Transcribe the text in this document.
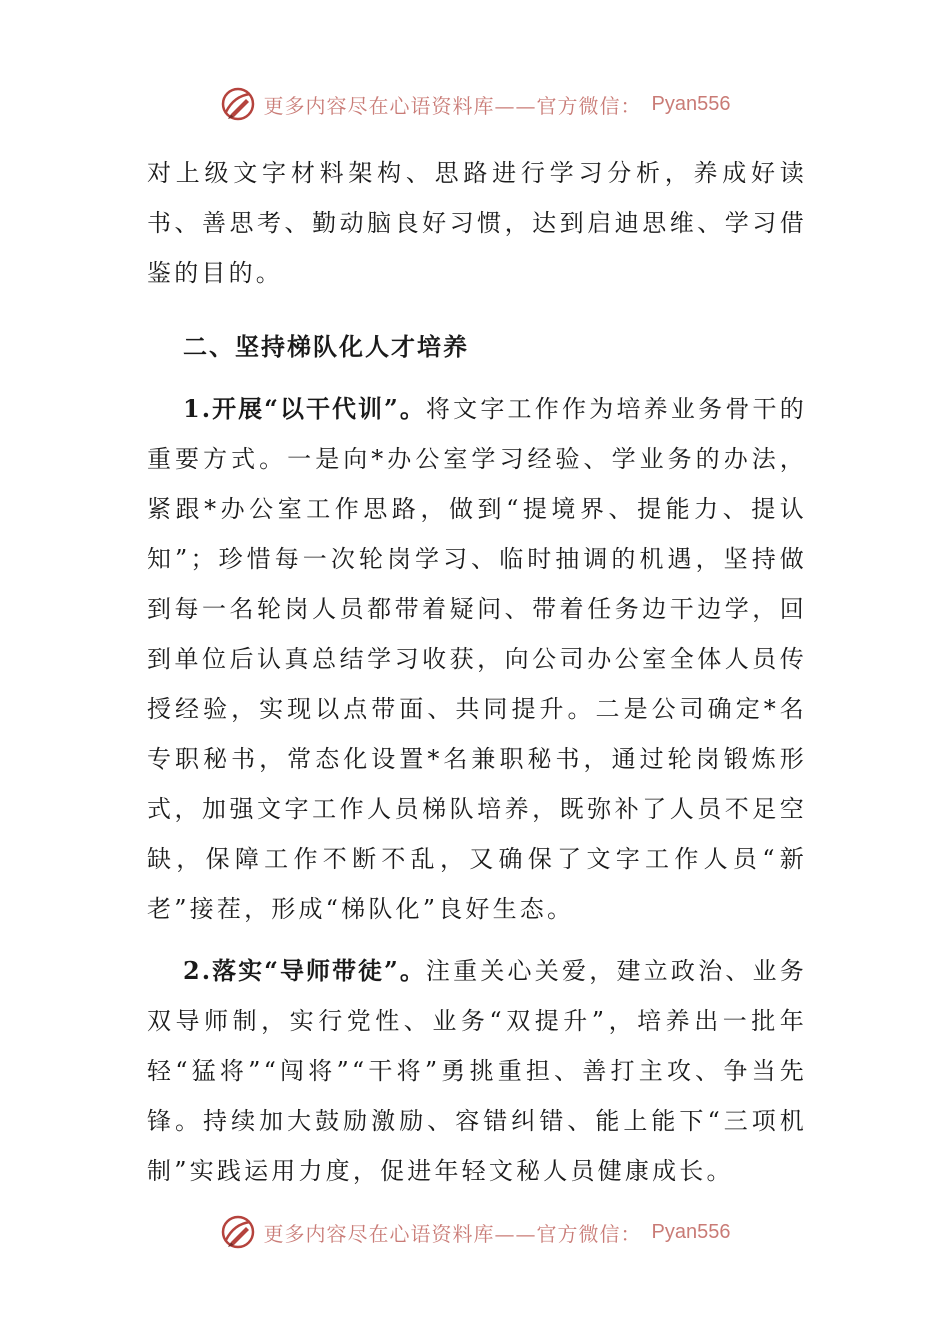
更多内容尽在心语资料库——官方微信： Pyan556

对上级文字材料架构、思路进行学习分析，养成好读书、善思考、勤动脑良好习惯，达到启迪思维、学习借鉴的目的。

二、坚持梯队化人才培养

1.开展“以干代训”。将文字工作作为培养业务骨干的重要方式。一是向*办公室学习经验、学业务的办法，紧跟*办公室工作思路，做到“提境界、提能力、提认知”；珍惜每一次轮岗学习、临时抽调的机遇，坚持做到每一名轮岗人员都带着疑问、带着任务边干边学，回到单位后认真总结学习收获，向公司办公室全体人员传授经验，实现以点带面、共同提升。二是公司确定*名专职秘书，常态化设置*名兼职秘书，通过轮岗锻炼形式，加强文字工作人员梯队培养，既弥补了人员不足空缺，保障工作不断不乱，又确保了文字工作人员“新老”接茬，形成“梯队化”良好生态。

2.落实“导师带徒”。注重关心关爱，建立政治、业务双导师制，实行党性、业务“双提升”，培养出一批年轻“猛将”“闯将”“干将”勇挑重担、善打主攻、争当先锋。持续加大鼓励激励、容错纠错、能上能下“三项机制”实践运用力度，促进年轻文秘人员健康成长。

更多内容尽在心语资料库——官方微信： Pyan556
